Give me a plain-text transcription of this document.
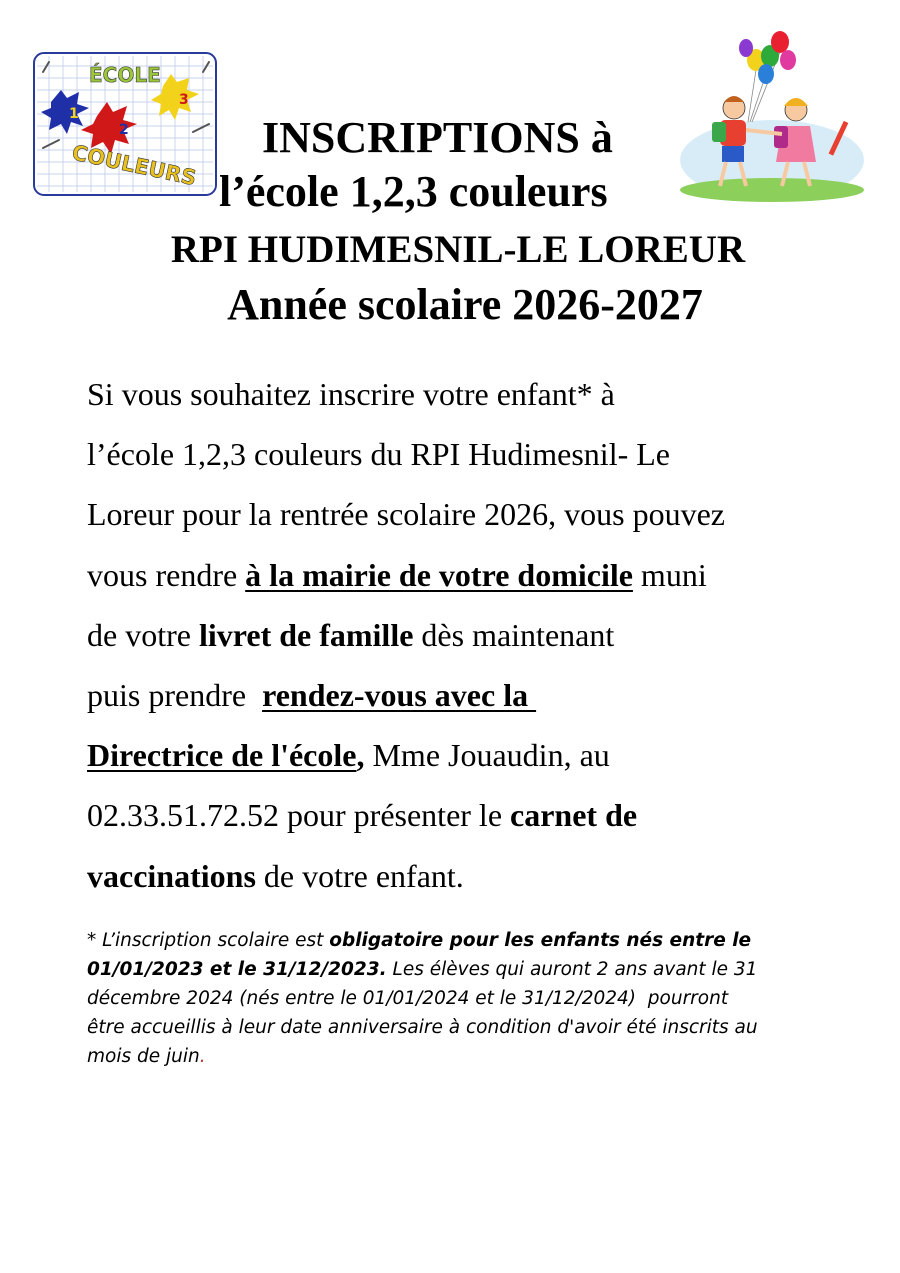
ÉCOLE
COULEURS
1
2
3
INSCRIPTIONS à
l’école 1,2,3 couleurs
RPI HUDIMESNIL-LE LOREUR
Année scolaire 2026-2027
Si vous souhaitez inscrire votre enfant* à
l’école 1,2,3 couleurs du RPI Hudimesnil- Le
Loreur pour la rentrée scolaire 2026, vous pouvez
vous rendre à la mairie de votre domicile muni
de votre livret de famille dès maintenant
puis prendre  rendez-vous avec la
Directrice de l'école, Mme Jouaudin, au
02.33.51.72.52 pour présenter le carnet de
vaccinations de votre enfant.
* L’inscription scolaire est obligatoire pour les enfants nés entre le
01/01/2023 et le 31/12/2023. Les élèves qui auront 2 ans avant le 31
décembre 2024 (nés entre le 01/01/2024 et le 31/12/2024)  pourront
être accueillis à leur date anniversaire à condition d'avoir été inscrits au
mois de juin.
